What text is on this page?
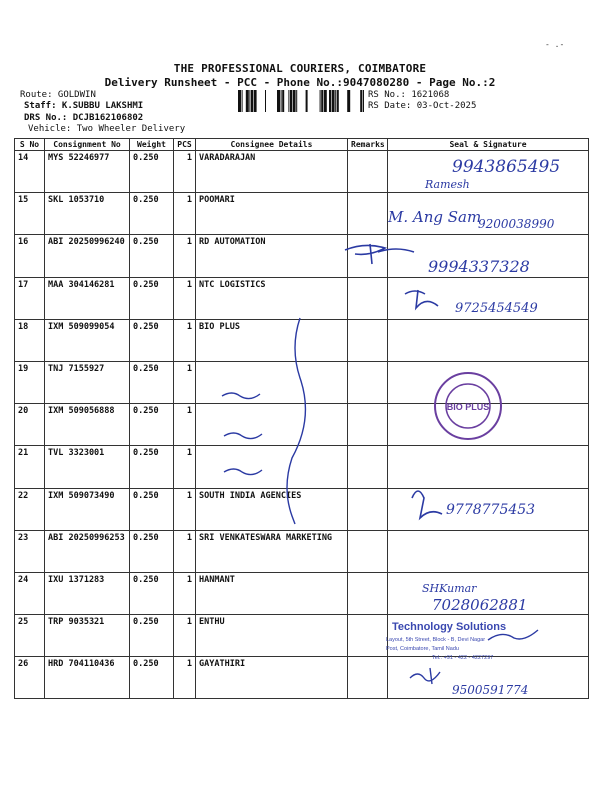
- .-
THE PROFESSIONAL COURIERS, COIMBATORE
Delivery Runsheet - PCC - Phone No.:9047080280 - Page No.:2
Route: GOLDWIN
Staff: K.SUBBU LAKSHMI
DRS No.: DCJB162106802
Vehicle: Two Wheeler Delivery
RS No.: 1621068
RS Date: 03-Oct-2025
S No	Consignment No	Weight	PCS	Consignee Details	Remarks	Seal & Signature
14	MYS 52246977	0.250	1	VARADARAJAN		
15	SKL 1053710	0.250	1	POOMARI		
16	ABI 20250996240	0.250	1	RD AUTOMATION		
17	MAA 304146281	0.250	1	NTC LOGISTICS		
18	IXM 509099054	0.250	1	BIO PLUS		
19	TNJ 7155927	0.250	1			
20	IXM 509056888	0.250	1			
21	TVL 3323001	0.250	1			
22	IXM 509073490	0.250	1	SOUTH INDIA AGENCIES		
23	ABI 20250996253	0.250	1	SRI VENKATESWARA MARKETING		
24	IXU 1371283	0.250	1	HANMANT		
25	TRP 9035321	0.250	1	ENTHU		
26	HRD 704110436	0.250	1	GAYATHIRI		
9943865495
Ramesh
M. Ang Sam
9200038990
9994337328
9725454549
BIO PLUS
9778775453
SHKumar
7028062881
Technology Solutions
Layout, 5th Street, Block - B, Devi Nagar
Post, Coimbatore, Tamil Nadu
Tel.: +91 - 422 - 4227297
9500591774
